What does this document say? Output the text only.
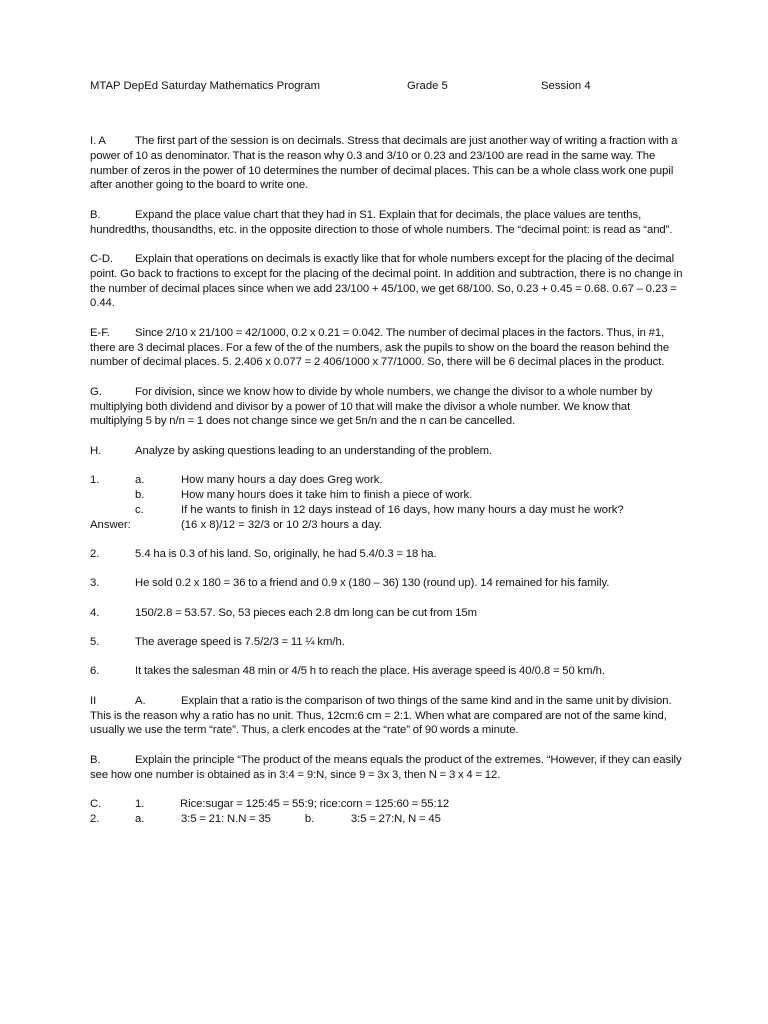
MTAP DepEd Saturday Mathematics Program	Grade 5	Session 4

I. A	The first part of the session is on decimals. Stress that decimals are just another way of writing a fraction with a power of 10 as denominator. That is the reason why 0.3 and 3/10 or 0.23 and 23/100 are read in the same way. The number of zeros in the power of 10 determines the number of decimal places. This can be a whole class work one pupil after another going to the board to write one.

B.	Expand the place value chart that they had in S1. Explain that for decimals, the place values are tenths, hundredths, thousandths, etc. in the opposite direction to those of whole numbers. The “decimal point: is read as “and”.

C-D. Explain that operations on decimals is exactly like that for whole numbers except for the placing of the decimal point. Go back to fractions to except for the placing of the decimal point. In addition and subtraction, there is no change in the number of decimal places since when we add 23/100 + 45/100, we get 68/100. So, 0.23 + 0.45 = 0.68. 0.67 – 0.23 = 0.44.

E-F. Since 2/10 x 21/100 = 42/1000, 0.2 x 0.21 = 0.042. The number of decimal places in the factors. Thus, in #1, there are 3 decimal places. For a few of the of the numbers, ask the pupils to show on the board the reason behind the number of decimal places. 5. 2.406 x 0.077 = 2 406/1000 x 77/1000. So, there will be 6 decimal places in the product.

G.	For division, since we know how to divide by whole numbers, we change the divisor to a whole number by multiplying both dividend and divisor by a power of 10 that will make the divisor a whole number. We know that multiplying 5 by n/n = 1 does not change since we get 5n/n and the n can be cancelled.

H.	Analyze by asking questions leading to an understanding of the problem.

1.	a.	How many hours a day does Greg work.
b.	How many hours does it take him to finish a piece of work.
c.	If he wants to finish in 12 days instead of 16 days, how many hours a day must he work?
Answer:	(16 x 8)/12 = 32/3 or 10 2/3 hours a day.

2.	5.4 ha is 0.3 of his land. So, originally, he had 5.4/0.3 = 18 ha.

3.	He sold 0.2 x 180 = 36 to a friend and 0.9 x (180 – 36) 130 (round up). 14 remained for his family.

4.	150/2.8 = 53.57. So, 53 pieces each 2.8 dm long can be cut from 15m

5.	The average speed is 7.5/2/3 = 11 ¼ km/h.

6.	It takes the salesman 48 min or 4/5 h to reach the place. His average speed is 40/0.8 = 50 km/h.

II	A.	Explain that a ratio is the comparison of two things of the same kind and in the same unit by division. This is the reason why a ratio has no unit. Thus, 12cm:6 cm = 2:1. When what are compared are not of the same kind, usually we use the term “rate”. Thus, a clerk encodes at the “rate” of 90 words a minute.

B.	Explain the principle “The product of the means equals the product of the extremes. “However, if they can easily see how one number is obtained as in 3:4 = 9:N, since 9 = 3x 3, then N = 3 x 4 = 12.

C.	1.	Rice:sugar = 125:45 = 55:9; rice:corn = 125:60 = 55:12

2.	a.	3:5 = 21: N.N = 35	b.	3:5 = 27:N, N = 45
